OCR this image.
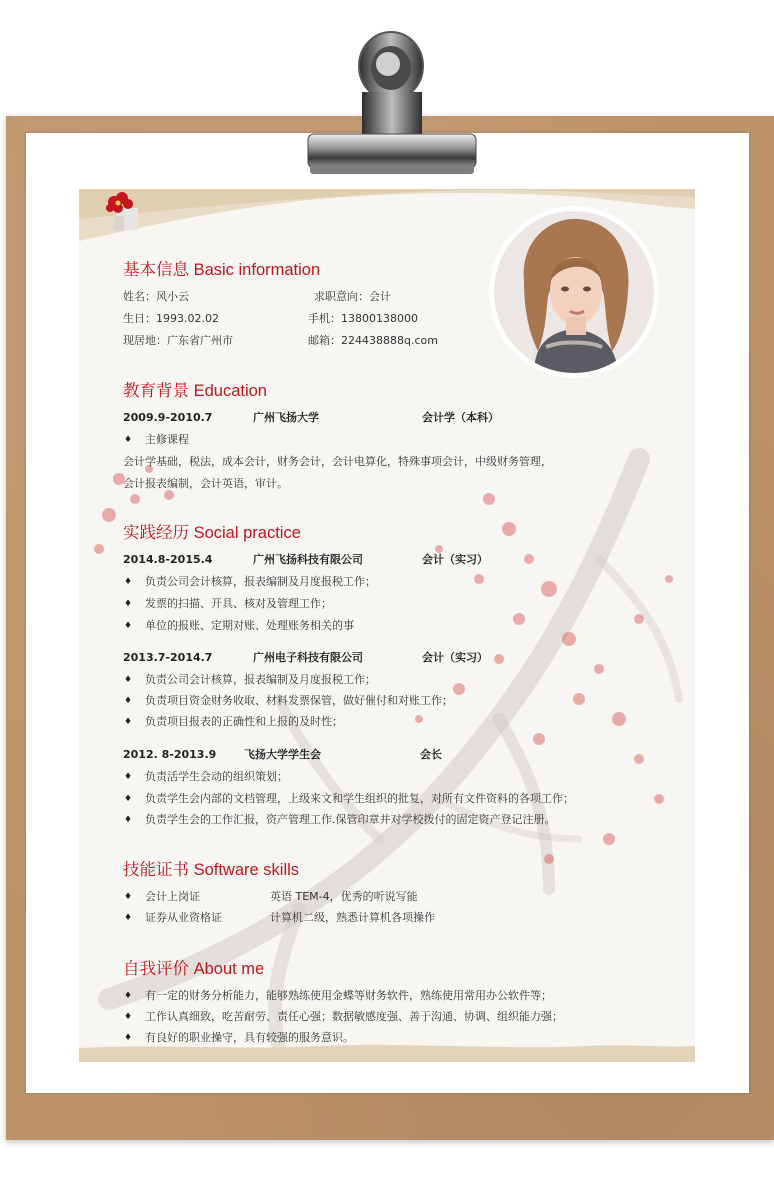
基本信息 Basic information
姓名：风小云	求职意向：会计
生日：1993.02.02	手机：13800138000
现居地：广东省广州市	邮箱：224438888q.com
教育背景 Education
2009.9-2010.7	广州飞扬大学	会计学（本科）
♦ 主修课程
会计学基础，税法，成本会计，财务会计，会计电算化，特殊事项会计，中级财务管理，
会计报表编制，会计英语，审计。
实践经历 Social practice
2014.8-2015.4	广州飞扬科技有限公司	会计（实习）
♦ 负责公司会计核算，报表编制及月度报税工作；
♦ 发票的扫描、开具、核对及管理工作；
♦ 单位的报账、定期对账、处理账务相关的事
2013.7-2014.7	广州电子科技有限公司	会计（实习）
♦ 负责公司会计核算，报表编制及月度报税工作；
♦ 负责项目资金财务收取、材料发票保管，做好催付和对账工作；
♦ 负责项目报表的正确性和上报的及时性；
2012. 8-2013.9	飞扬大学学生会	会长
♦ 负责活学生会动的组织策划；
♦ 负责学生会内部的文档管理，上级来文和学生组织的批复，对所有文件资料的各项工作；
♦ 负责学生会的工作汇报，资产管理工作.保管印章并对学校拨付的固定资产登记注册。
技能证书 Software skills
♦ 会计上岗证	英语 TEM-4，优秀的听说写能
♦ 证券从业资格证	计算机二级，熟悉计算机各项操作
自我评价 About me
♦ 有一定的财务分析能力，能够熟练使用金蝶等财务软件，熟练使用常用办公软件等；
♦ 工作认真细致，吃苦耐劳、责任心强；数据敏感度强、善于沟通、协调、组织能力强；
♦ 有良好的职业操守，具有较强的服务意识。
